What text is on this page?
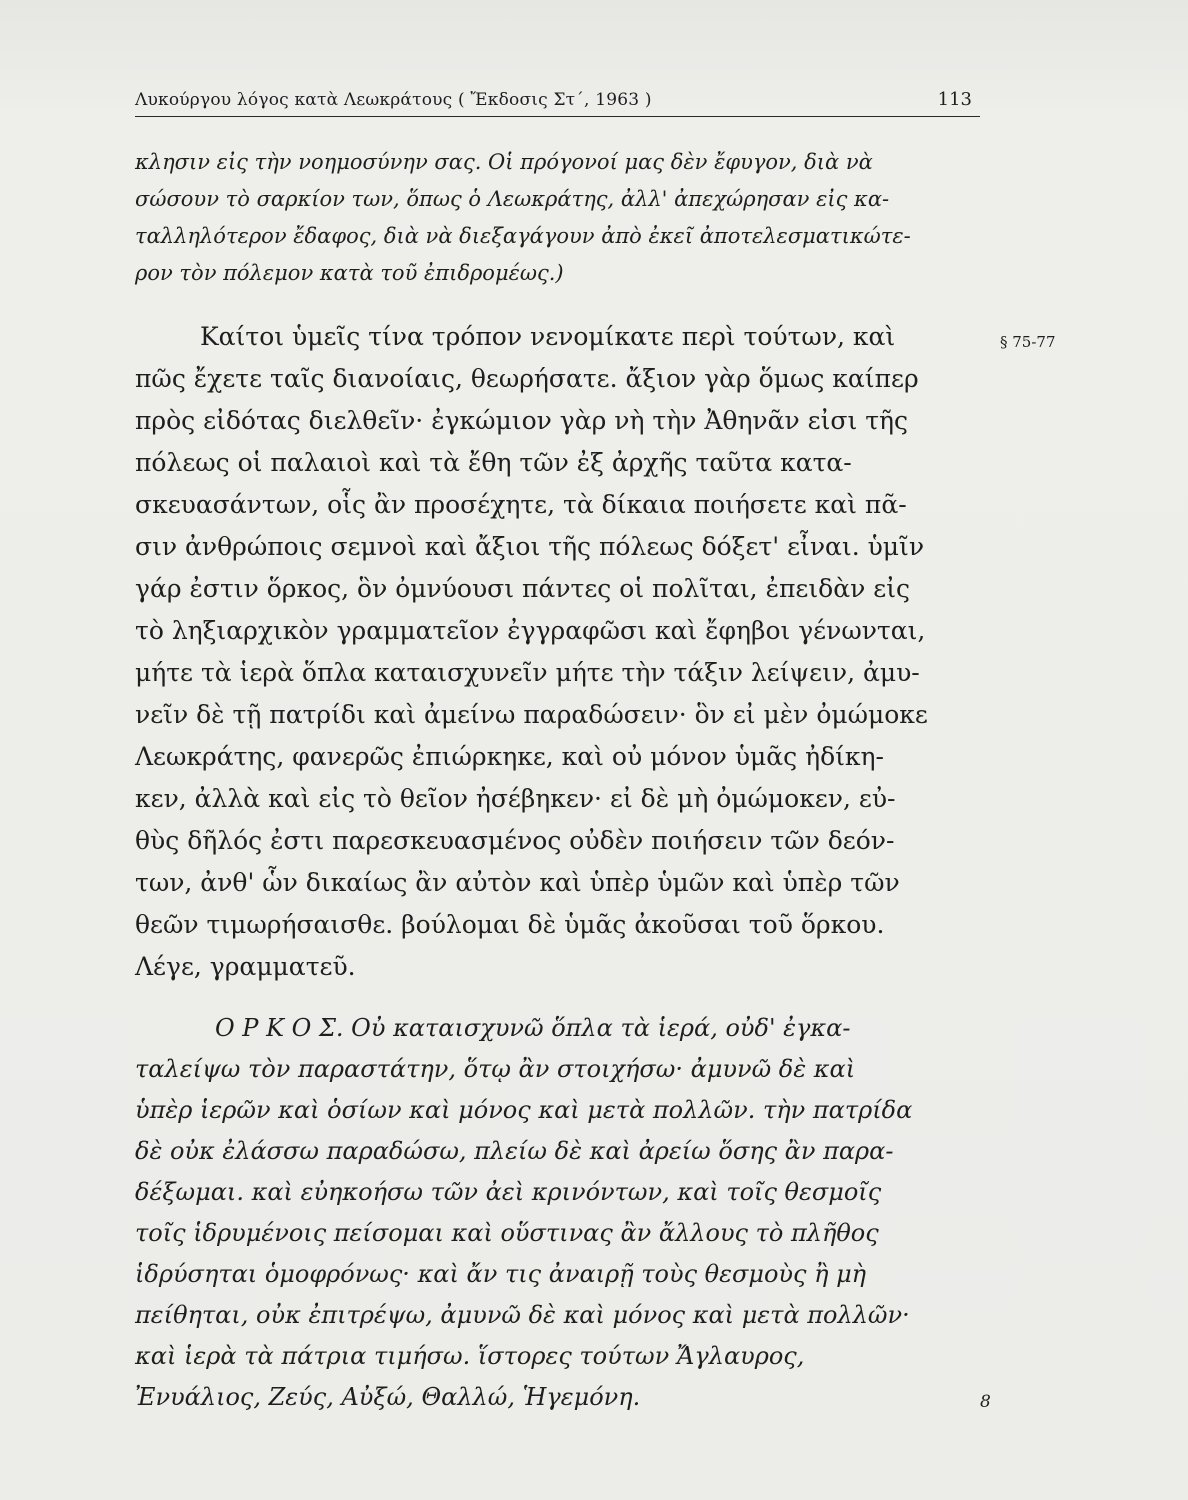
Λυκούργου λόγος κατὰ Λεωκράτους ( Ἔκδοσις Στ΄, 1963 )	113
κλησιν εἰς τὴν νοημοσύνην σας. Οἱ πρόγονοί μας δὲν ἔφυγον, διὰ νὰ
σώσουν τὸ σαρκίον των, ὅπως ὁ Λεωκράτης, ἀλλ' ἀπεχώρησαν εἰς κα-
ταλληλότερον ἔδαφος, διὰ νὰ διεξαγάγουν ἀπὸ ἐκεῖ ἀποτελεσματικώτε-
ρον τὸν πόλεμον κατὰ τοῦ ἐπιδρομέως.)
§ 75-77
Καίτοι ὑμεῖς τίνα τρόπον νενομίκατε περὶ τούτων, καὶ
πῶς ἔχετε ταῖς διανοίαις, θεωρήσατε. ἄξιον γὰρ ὅμως καίπερ
πρὸς εἰδότας διελθεῖν· ἐγκώμιον γὰρ νὴ τὴν Ἀθηνᾶν εἰσι τῆς
πόλεως οἱ παλαιοὶ καὶ τὰ ἔθη τῶν ἐξ ἀρχῆς ταῦτα κατα-
σκευασάντων, οἷς ἂν προσέχητε, τὰ δίκαια ποιήσετε καὶ πᾶ-
σιν ἀνθρώποις σεμνοὶ καὶ ἄξιοι τῆς πόλεως δόξετ' εἶναι. ὑμῖν
γάρ ἐστιν ὅρκος, ὃν ὀμνύουσι πάντες οἱ πολῖται, ἐπειδὰν εἰς
τὸ ληξιαρχικὸν γραμματεῖον ἐγγραφῶσι καὶ ἔφηβοι γένωνται,
μήτε τὰ ἱερὰ ὅπλα καταισχυνεῖν μήτε τὴν τάξιν λείψειν, ἀμυ-
νεῖν δὲ τῇ πατρίδι καὶ ἀμείνω παραδώσειν· ὃν εἰ μὲν ὀμώμοκε
Λεωκράτης, φανερῶς ἐπιώρκηκε, καὶ οὐ μόνον ὑμᾶς ἠδίκη-
κεν, ἀλλὰ καὶ εἰς τὸ θεῖον ἠσέβηκεν· εἰ δὲ μὴ ὀμώμοκεν, εὐ-
θὺς δῆλός ἐστι παρεσκευασμένος οὐδὲν ποιήσειν τῶν δεόν-
των, ἀνθ' ὧν δικαίως ἂν αὐτὸν καὶ ὑπὲρ ὑμῶν καὶ ὑπὲρ τῶν
θεῶν τιμωρήσαισθε. βούλομαι δὲ ὑμᾶς ἀκοῦσαι τοῦ ὅρκου.
Λέγε, γραμματεῦ.
Ο Ρ Κ Ο Σ. Οὐ καταισχυνῶ ὅπλα τὰ ἱερά, οὐδ' ἐγκα-
ταλείψω τὸν παραστάτην, ὅτῳ ἂν στοιχήσω· ἀμυνῶ δὲ καὶ
ὑπὲρ ἱερῶν καὶ ὁσίων καὶ μόνος καὶ μετὰ πολλῶν. τὴν πατρίδα
δὲ οὐκ ἐλάσσω παραδώσω, πλείω δὲ καὶ ἀρείω ὅσης ἂν παρα-
δέξωμαι. καὶ εὐηκοήσω τῶν ἀεὶ κρινόντων, καὶ τοῖς θεσμοῖς
τοῖς ἱδρυμένοις πείσομαι καὶ οὕστινας ἂν ἄλλους τὸ πλῆθος
ἱδρύσηται ὁμοφρόνως· καὶ ἄν τις ἀναιρῇ τοὺς θεσμοὺς ἢ μὴ
πείθηται, οὐκ ἐπιτρέψω, ἀμυνῶ δὲ καὶ μόνος καὶ μετὰ πολλῶν·
καὶ ἱερὰ τὰ πάτρια τιμήσω. ἵστορες τούτων Ἄγλαυρος,
Ἐνυάλιος, Ζεύς, Αὐξώ, Θαλλώ, Ἡγεμόνη.	8
